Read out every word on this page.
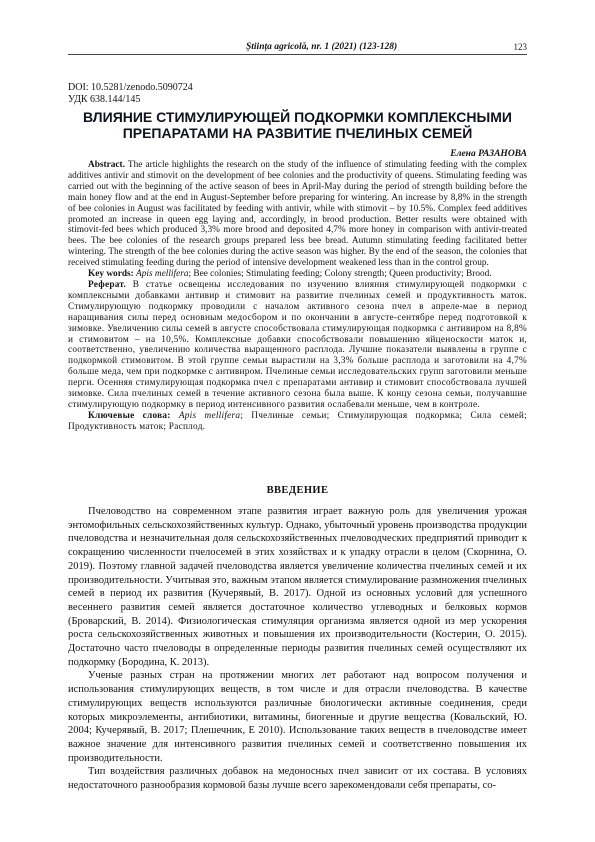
Știința agricolă, nr. 1 (2021) (123-128)	123

DOI: 10.5281/zenodo.5090724

УДК 638.144/145

ВЛИЯНИЕ СТИМУЛИРУЮЩЕЙ ПОДКОРМКИ КОМПЛЕКСНЫМИ ПРЕПАРАТАМИ НА РАЗВИТИЕ ПЧЕЛИНЫХ СЕМЕЙ

Елена РАЗАНОВА

Abstract. The article highlights the research on the study of the influence of stimulating feeding with the complex additives antivir and stimovit on the development of bee colonies and the productivity of queens. Stimulating feeding was carried out with the beginning of the active season of bees in April-May during the period of strength building before the main honey flow and at the end in August-September before preparing for wintering. An increase by 8,8% in the strength of bee colonies in August was facilitated by feeding with antivir, while with stimovit – by 10.5%. Complex feed additives promoted an increase in queen egg laying and, accordingly, in brood production. Better results were obtained with stimovit-fed bees which produced 3,3% more brood and deposited 4,7% more honey in comparison with antivir-treated bees. The bee colonies of the research groups prepared less bee bread. Autumn stimulating feeding facilitated better wintering. The strength of the bee colonies during the active season was higher. By the end of the season, the colonies that received stimulating feeding during the period of intensive development weakened less than in the control group.

Key words: Apis mellifera; Bee colonies; Stimulating feeding; Colony strength; Queen productivity; Brood.

Реферат. В статье освещены исследования по изучению влияния стимулирующей подкормки с комплексными добавками антивир и стимовит на развитие пчелиных семей и продуктивность маток. Стимулирующую подкормку проводили с началом активного сезона пчел в апреле-мае в период наращивания силы перед основным медосбором и по окончании в августе-сентябре перед подготовкой к зимовке. Увеличению силы семей в августе способствовала стимулирующая подкормка с антивиром на 8,8% и стимовитом – на 10,5%. Комплексные добавки способствовали повышению яйценоскости маток и, соответственно, увеличению количества выращенного расплода. Лучшие показатели выявлены в группе с подкормкой стимовитом. В этой группе семьи вырастили на 3,3% больше расплода и заготовили на 4,7% больше меда, чем при подкормке с антивиром. Пчелиные семьи исследовательских групп заготовили меньше перги. Осенняя стимулирующая подкормка пчел с препаратами антивир и стимовит способствовала лучшей зимовке. Сила пчелиных семей в течение активного сезона была выше. К концу сезона семьи, получавшие стимулирующую подкормку в период интенсивного развития ослабевали меньше, чем в контроле.

Ключевые слова: Apis mellifera; Пчелиные семьи; Стимулирующая подкормка; Сила семей; Продуктивность маток; Расплод.

ВВЕДЕНИЕ

Пчеловодство на современном этапе развития играет важную роль для увеличения урожая энтомофильных сельскохозяйственных культур. Однако, убыточный уровень производства продукции пчеловодства и незначительная доля сельскохозяйственных пчеловодческих предприятий приводит к сокращению численности пчелосемей в этих хозяйствах и к упадку отрасли в целом (Скорнина, О. 2019). Поэтому главной задачей пчеловодства является увеличение количества пчелиных семей и их производительности. Учитывая это, важным этапом является стимулирование размножения пчелиных семей в период их развития (Кучерявый, В. 2017). Одной из основных условий для успешного весеннего развития семей является достаточное количество углеводных и белковых кормов (Броварский, В. 2014). Физиологическая стимуляция организма является одной из мер ускорения роста сельскохозяйственных животных и повышения их производительности (Костерин, О. 2015). Достаточно часто пчеловоды в определенные периоды развития пчелиных семей осуществляют их подкормку (Бородина, К. 2013).

Ученые разных стран на протяжении многих лет работают над вопросом получения и использования стимулирующих веществ, в том числе и для отрасли пчеловодства. В качестве стимулирующих веществ используются различные биологически активные соединения, среди которых микроэлементы, антибиотики, витамины, биогенные и другие вещества (Ковальский, Ю. 2004; Кучерявый, В. 2017; Плешечник, Е 2010). Использование таких веществ в пчеловодстве имеет важное значение для интенсивного развития пчелиных семей и соответственно повышения их производительности.

Тип воздействия различных добавок на медоносных пчел зависит от их состава. В условиях недостаточного разнообразия кормовой базы лучше всего зарекомендовали себя препараты, со-
